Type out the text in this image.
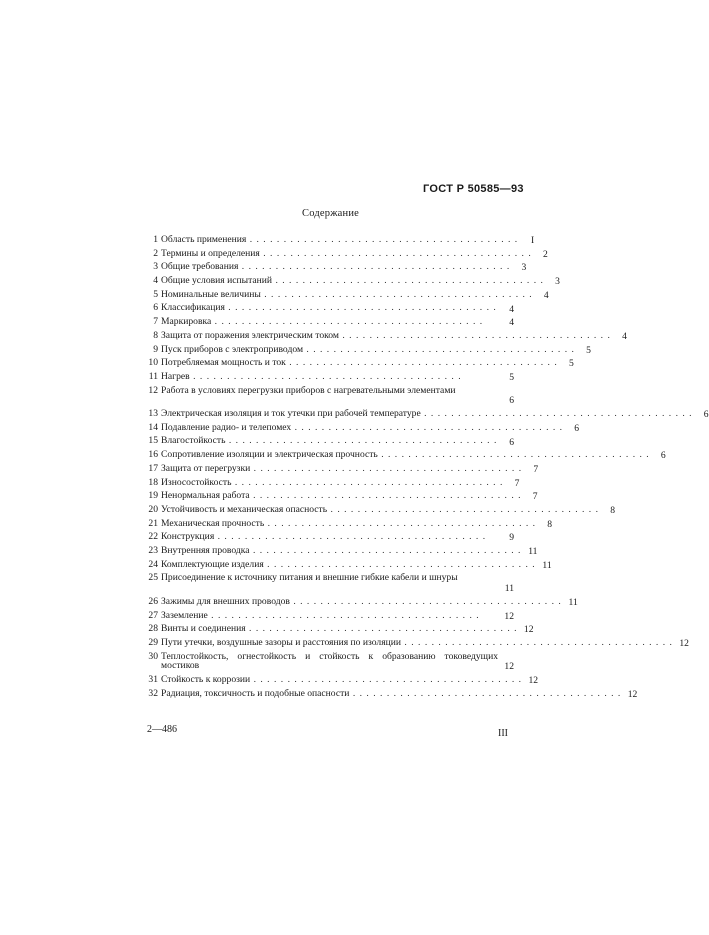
ГОСТ Р 50585—93
Содержание
1 Область применения . . . . . . . . . . . . . . . . . . . . . . . . . . . . . . . . . . . . . . . .	I
2 Термины и определения . . . . . . . . . . . . . . . . . . . . . . . . . . . . . . . . . . . . . . . .	2
3 Общие требования . . . . . . . . . . . . . . . . . . . . . . . . . . . . . . . . . . . . . . . .	3
4 Общие условия испытаний . . . . . . . . . . . . . . . . . . . . . . . . . . . . . . . . . . . . . . . .	3
5 Номинальные величины . . . . . . . . . . . . . . . . . . . . . . . . . . . . . . . . . . . . . . . .	4
6 Классификация . . . . . . . . . . . . . . . . . . . . . . . . . . . . . . . . . . . . . . . .	4
7 Маркировка . . . . . . . . . . . . . . . . . . . . . . . . . . . . . . . . . . . . . . . .	4
8 Защита от поражения электрическим током . . . . . . . . . . . . . . . . . . . . . . . . . . . . . . . . . . . . . . . .	4
9 Пуск приборов с электроприводом . . . . . . . . . . . . . . . . . . . . . . . . . . . . . . . . . . . . . . . .	5
10 Потребляемая мощность и ток . . . . . . . . . . . . . . . . . . . . . . . . . . . . . . . . . . . . . . . .	5
11 Нагрев . . . . . . . . . . . . . . . . . . . . . . . . . . . . . . . . . . . . . . . .	5
12 Работа в условиях перегрузки приборов с нагревательными элементами
6
13 Электрическая изоляция и ток утечки при рабочей температуре . . . . . . . . . . . . . . . . . . . . . . . . . . . . . . . . . . . . . . . .	6
14 Подавление радио- и телепомех . . . . . . . . . . . . . . . . . . . . . . . . . . . . . . . . . . . . . . . .	6
15 Влагостойкость . . . . . . . . . . . . . . . . . . . . . . . . . . . . . . . . . . . . . . . .	6
16 Сопротивление изоляции и электрическая прочность . . . . . . . . . . . . . . . . . . . . . . . . . . . . . . . . . . . . . . . .	6
17 Защита от перегрузки . . . . . . . . . . . . . . . . . . . . . . . . . . . . . . . . . . . . . . . .	7
18 Износостойкость . . . . . . . . . . . . . . . . . . . . . . . . . . . . . . . . . . . . . . . .	7
19 Ненормальная работа . . . . . . . . . . . . . . . . . . . . . . . . . . . . . . . . . . . . . . . .	7
20 Устойчивость и механическая опасность . . . . . . . . . . . . . . . . . . . . . . . . . . . . . . . . . . . . . . . .	8
21 Механическая прочность . . . . . . . . . . . . . . . . . . . . . . . . . . . . . . . . . . . . . . . .	8
22 Конструкция . . . . . . . . . . . . . . . . . . . . . . . . . . . . . . . . . . . . . . . .	9
23 Внутренняя проводка . . . . . . . . . . . . . . . . . . . . . . . . . . . . . . . . . . . . . . . . 11
24 Комплектующие изделия . . . . . . . . . . . . . . . . . . . . . . . . . . . . . . . . . . . . . . . . 11
25 Присоединение к источнику питания и внешние гибкие кабели и шнуры
11
26 Зажимы для внешних проводов . . . . . . . . . . . . . . . . . . . . . . . . . . . . . . . . . . . . . . . . 11
27 Заземление . . . . . . . . . . . . . . . . . . . . . . . . . . . . . . . . . . . . . . . .	12
28 Винты и соединения . . . . . . . . . . . . . . . . . . . . . . . . . . . . . . . . . . . . . . . . 12
29 Пути утечки, воздушные зазоры и расстояния по изоляции . . . . . . . . . . . . . . . . . . . . . . . . . . . . . . . . . . . . . . . . 12
30 Теплостойкость, огнестойкость и стойкость к образованию токоведущих мостиков	12
31 Стойкость к коррозии . . . . . . . . . . . . . . . . . . . . . . . . . . . . . . . . . . . . . . . . 12
32 Радиация, токсичность и подобные опасности . . . . . . . . . . . . . . . . . . . . . . . . . . . . . . . . . . . . . . . . 12
2—486	III
